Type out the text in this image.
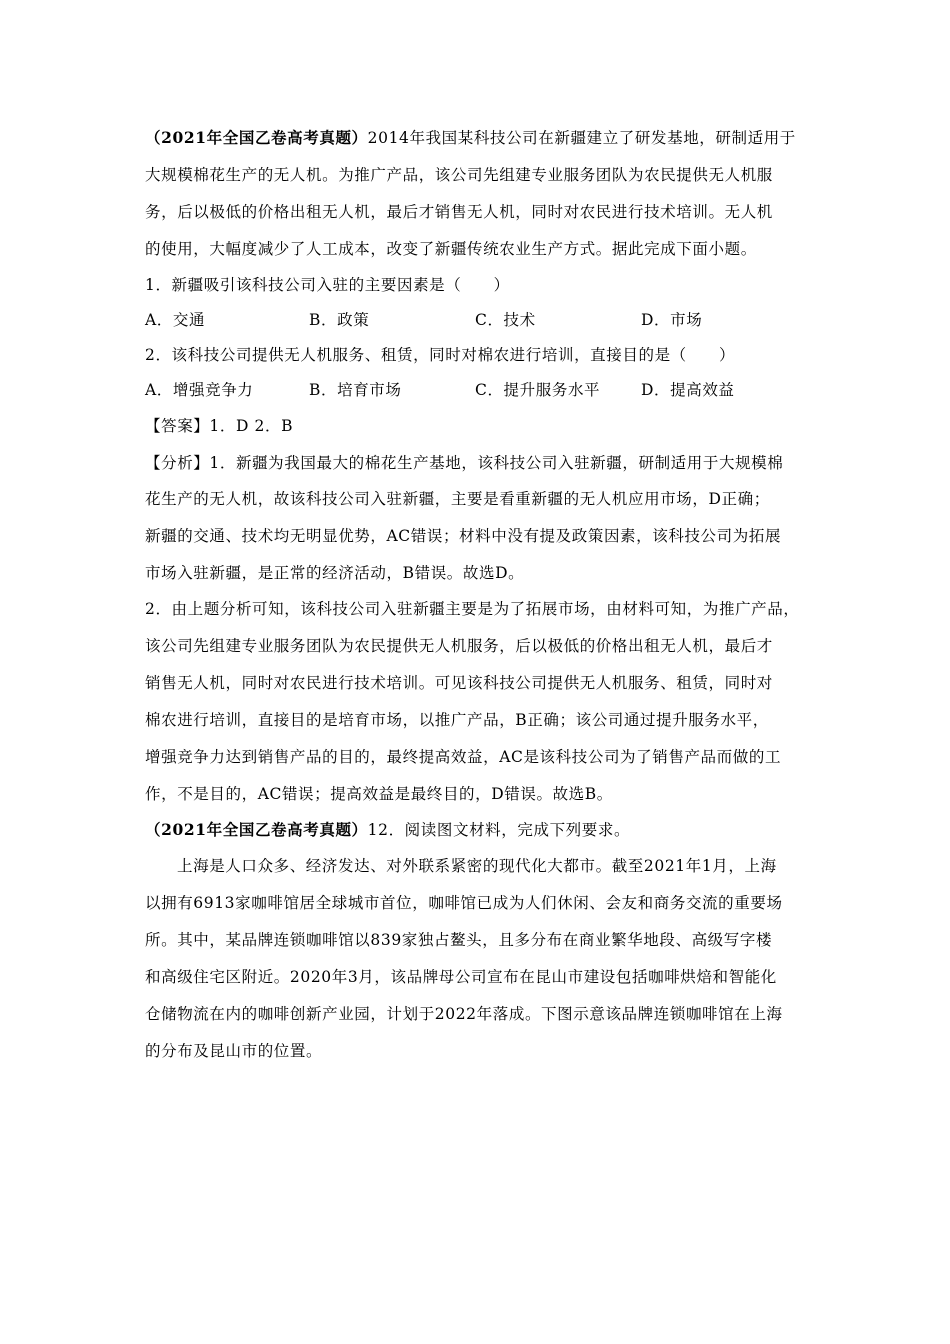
（2021年全国乙卷高考真题）2014年我国某科技公司在新疆建立了研发基地，研制适用于
大规模棉花生产的无人机。为推广产品，该公司先组建专业服务团队为农民提供无人机服
务，后以极低的价格出租无人机，最后才销售无人机，同时对农民进行技术培训。无人机
的使用，大幅度减少了人工成本，改变了新疆传统农业生产方式。据此完成下面小题。
1．新疆吸引该科技公司入驻的主要因素是（　　）
A．交通	B．政策	C．技术	D．市场
2．该科技公司提供无人机服务、租赁，同时对棉农进行培训，直接目的是（　　）
A．增强竞争力	B．培育市场	C．提升服务水平	D．提高效益
【答案】1．D 2．B
【分析】1．新疆为我国最大的棉花生产基地，该科技公司入驻新疆，研制适用于大规模棉
花生产的无人机，故该科技公司入驻新疆，主要是看重新疆的无人机应用市场，D正确；
新疆的交通、技术均无明显优势，AC错误；材料中没有提及政策因素，该科技公司为拓展
市场入驻新疆，是正常的经济活动，B错误。故选D。
2．由上题分析可知，该科技公司入驻新疆主要是为了拓展市场，由材料可知，为推广产品，
该公司先组建专业服务团队为农民提供无人机服务，后以极低的价格出租无人机，最后才
销售无人机，同时对农民进行技术培训。可见该科技公司提供无人机服务、租赁，同时对
棉农进行培训，直接目的是培育市场，以推广产品，B正确；该公司通过提升服务水平，
增强竞争力达到销售产品的目的，最终提高效益，AC是该科技公司为了销售产品而做的工
作，不是目的，AC错误；提高效益是最终目的，D错误。故选B。
（2021年全国乙卷高考真题）12．阅读图文材料，完成下列要求。
上海是人口众多、经济发达、对外联系紧密的现代化大都市。截至2021年1月，上海
以拥有6913家咖啡馆居全球城市首位，咖啡馆已成为人们休闲、会友和商务交流的重要场
所。其中，某品牌连锁咖啡馆以839家独占鳌头，且多分布在商业繁华地段、高级写字楼
和高级住宅区附近。2020年3月，该品牌母公司宣布在昆山市建设包括咖啡烘焙和智能化
仓储物流在内的咖啡创新产业园，计划于2022年落成。下图示意该品牌连锁咖啡馆在上海
的分布及昆山市的位置。
